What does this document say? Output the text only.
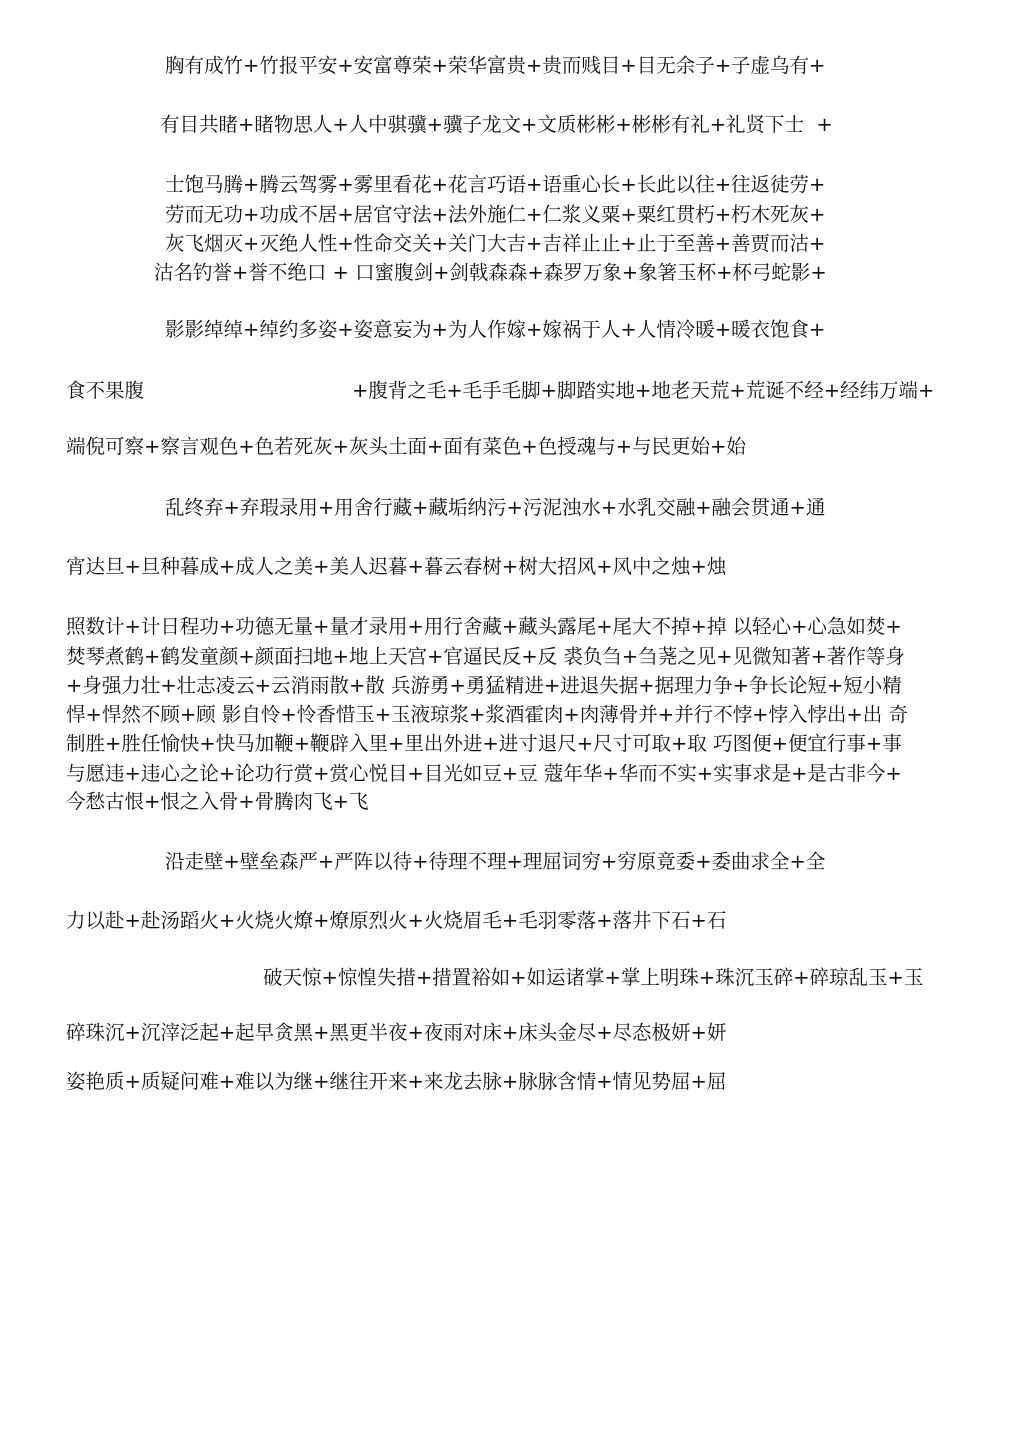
胸有成竹+竹报平安+安富尊荣+荣华富贵+贵而贱目+目无余子+子虚乌有+
有目共睹+睹物思人+人中骐骥+骥子龙文+文质彬彬+彬彬有礼+礼贤下士  +
士饱马腾+腾云驾雾+雾里看花+花言巧语+语重心长+长此以往+往返徒劳+
劳而无功+功成不居+居官守法+法外施仁+仁浆义粟+粟红贯朽+朽木死灰+
灰飞烟灭+灭绝人性+性命交关+关门大吉+吉祥止止+止于至善+善贾而沽+
沽名钓誉+誉不绝口 + 口蜜腹剑+剑戟森森+森罗万象+象箸玉杯+杯弓蛇影+
影影绰绰+绰约多姿+姿意妄为+为人作嫁+嫁祸于人+人情冷暖+暖衣饱食+
食不果腹	+腹背之毛+毛手毛脚+脚踏实地+地老天荒+荒诞不经+经纬万端+
端倪可察+察言观色+色若死灰+灰头土面+面有菜色+色授魂与+与民更始+始
乱终弃+弃瑕录用+用舍行藏+藏垢纳污+污泥浊水+水乳交融+融会贯通+通
宵达旦+旦种暮成+成人之美+美人迟暮+暮云春树+树大招风+风中之烛+烛
照数计+计日程功+功德无量+量才录用+用行舍藏+藏头露尾+尾大不掉+掉 以轻心+心急如焚+
焚琴煮鹤+鹤发童颜+颜面扫地+地上天宫+官逼民反+反 裘负刍+刍荛之见+见微知著+著作等身
+身强力壮+壮志凌云+云消雨散+散 兵游勇+勇猛精进+进退失据+据理力争+争长论短+短小精
悍+悍然不顾+顾 影自怜+怜香惜玉+玉液琼浆+浆酒霍肉+肉薄骨并+并行不悖+悖入悖出+出 奇
制胜+胜任愉快+快马加鞭+鞭辟入里+里出外进+进寸退尺+尺寸可取+取 巧图便+便宜行事+事
与愿违+违心之论+论功行赏+赏心悦目+目光如豆+豆 蔻年华+华而不实+实事求是+是古非今+
今愁古恨+恨之入骨+骨腾肉飞+飞
沿走壁+壁垒森严+严阵以待+待理不理+理屈词穷+穷原竟委+委曲求全+全
力以赴+赴汤蹈火+火烧火燎+燎原烈火+火烧眉毛+毛羽零落+落井下石+石
破天惊+惊惶失措+措置裕如+如运诸掌+掌上明珠+珠沉玉碎+碎琼乱玉+玉
碎珠沉+沉滓泛起+起早贪黑+黑更半夜+夜雨对床+床头金尽+尽态极妍+妍
姿艳质+质疑问难+难以为继+继往开来+来龙去脉+脉脉含情+情见势屈+屈
